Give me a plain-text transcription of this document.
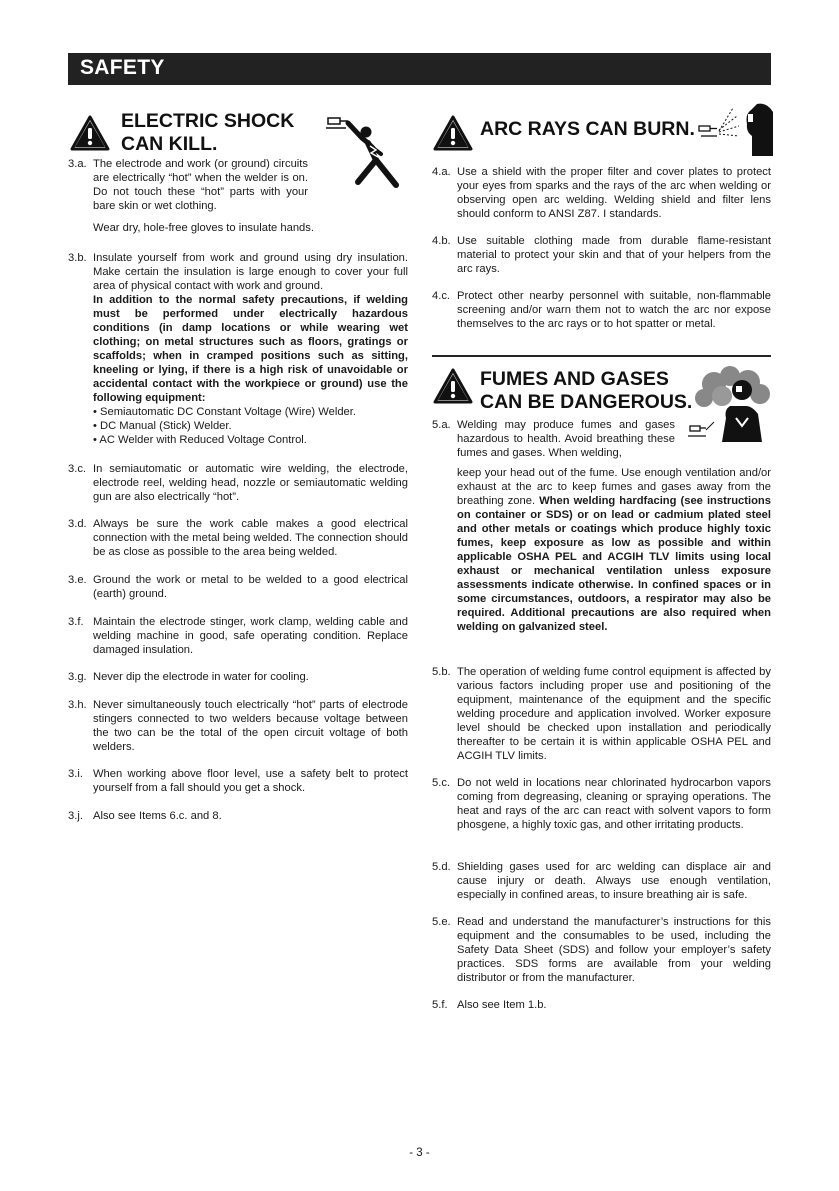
SAFETY
ELECTRIC SHOCK
CAN KILL.
3.a. The electrode and work (or ground) circuits are electrically “hot” when the welder is on. Do not touch these “hot” parts with your bare skin or wet clothing.

Wear dry, hole-free gloves to insulate hands.

3.b. Insulate yourself from work and ground using dry insulation. Make certain the insulation is large enough to cover your full area of physical contact with work and ground.

In addition to the normal safety precautions, if welding must be performed under electrically hazardous conditions (in damp locations or while wearing wet clothing; on metal structures such as floors, gratings or scaffolds; when in cramped positions such as sitting, kneeling or lying, if there is a high risk of unavoidable or accidental contact with the workpiece or ground) use the following equipment:

• Semiautomatic DC Constant Voltage (Wire) Welder.
• DC Manual (Stick) Welder.
• AC Welder with Reduced Voltage Control.
3.c. In semiautomatic or automatic wire welding, the electrode, electrode reel, welding head, nozzle or semiautomatic welding gun are also electrically “hot”.

3.d. Always be sure the work cable makes a good electrical connection with the metal being welded. The connection should be as close as possible to the area being welded.

3.e. Ground the work or metal to be welded to a good electrical (earth) ground.

3.f. Maintain the electrode stinger, work clamp, welding cable and welding machine in good, safe operating condition. Replace damaged insulation.

3.g. Never dip the electrode in water for cooling.

3.h. Never simultaneously touch electrically “hot” parts of electrode stingers connected to two welders because voltage between the two can be the total of the open circuit voltage of both welders.

3.i. When working above floor level, use a safety belt to protect yourself from a fall should you get a shock.

3.j. Also see Items 6.c. and 8.

ARC RAYS CAN BURN.
4.a. Use a shield with the proper filter and cover plates to protect your eyes from sparks and the rays of the arc when welding or observing open arc welding. Welding shield and filter lens should conform to ANSI Z87. I standards.

4.b. Use suitable clothing made from durable flame-resistant material to protect your skin and that of your helpers from the arc rays.

4.c. Protect other nearby personnel with suitable, non-flammable screening and/or warn them not to watch the arc nor expose themselves to the arc rays or to hot spatter or metal.

FUMES AND GASES
CAN BE DANGEROUS.
5.a. Welding may produce fumes and gases hazardous to health. Avoid breathing these fumes and gases. When welding,

keep your head out of the fume. Use enough ventilation and/or exhaust at the arc to keep fumes and gases away from the breathing zone. When welding hardfacing (see instructions on container or SDS) or on lead or cadmium plated steel and other metals or coatings which produce highly toxic fumes, keep exposure as low as possible and within applicable OSHA PEL and ACGIH TLV limits using local exhaust or mechanical ventilation unless exposure assessments indicate otherwise. In confined spaces or in some circumstances, outdoors, a respirator may also be required. Additional precautions are also required when welding on galvanized steel.

5.b. The operation of welding fume control equipment is affected by various factors including proper use and positioning of the equipment, maintenance of the equipment and the specific welding procedure and application involved. Worker exposure level should be checked upon installation and periodically thereafter to be certain it is within applicable OSHA PEL and ACGIH TLV limits.

5.c. Do not weld in locations near chlorinated hydrocarbon vapors coming from degreasing, cleaning or spraying operations. The heat and rays of the arc can react with solvent vapors to form phosgene, a highly toxic gas, and other irritating products.

5.d. Shielding gases used for arc welding can displace air and cause injury or death. Always use enough ventilation, especially in confined areas, to insure breathing air is safe.

5.e. Read and understand the manufacturer’s instructions for this equipment and the consumables to be used, including the Safety Data Sheet (SDS) and follow your employer’s safety practices. SDS forms are available from your welding distributor or from the manufacturer.

5.f. Also see Item 1.b.

- 3 -
